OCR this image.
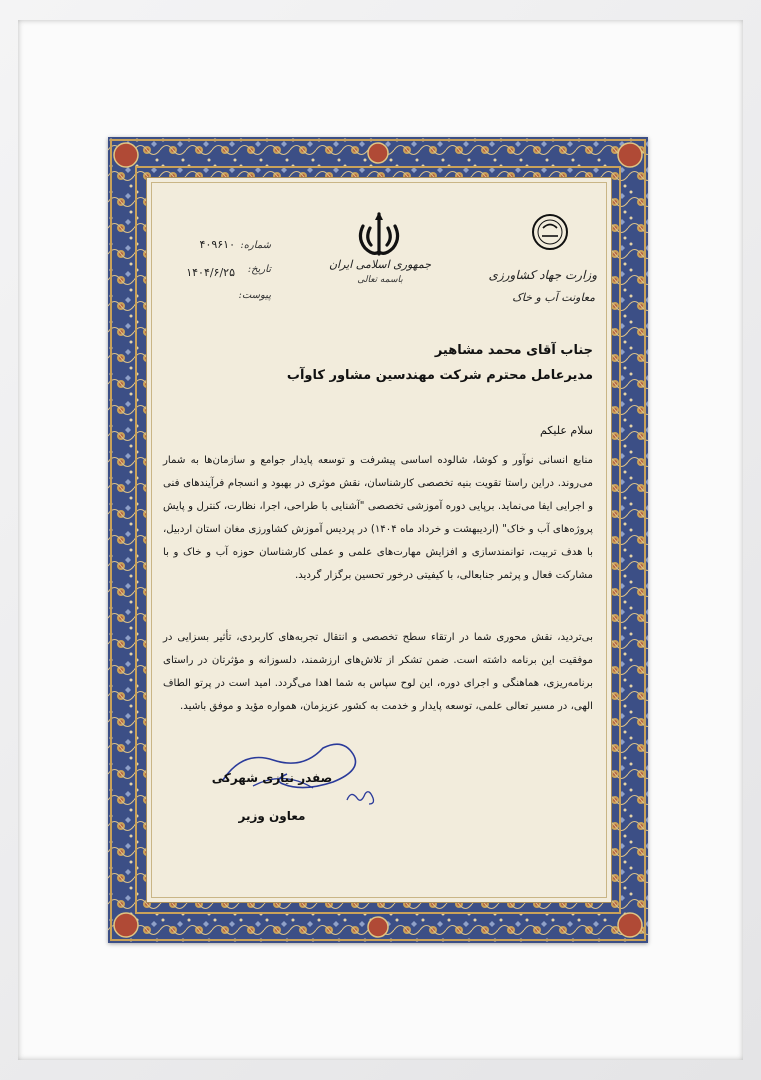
جمهوری اسلامی ایران
باسمه تعالی	وزارت جهاد کشاورزی
معاونت آب و خاک
شماره:
۴۰۹۶۱۰
تاریخ:
۱۴۰۴/۶/۲۵
پیوست:
جناب آقای محمد مشاهیر
مدیرعامل محترم شرکت مهندسین مشاور کاوآب
سلام علیکم

منابع انسانی نوآور و کوشا، شالوده اساسی پیشرفت و توسعه پایدار جوامع و سازمان‌ها به شمار می‌روند. دراین راستا تقویت بنیه تخصصی کارشناسان، نقش موثری در بهبود و انسجام فرآیندهای فنی و اجرایی ایفا می‌نماید. برپایی دوره آموزشی تخصصی "آشنایی با طراحی، اجرا، نظارت، کنترل و پایش پروژه‌های آب و خاک" (اردیبهشت و خرداد ماه ۱۴۰۴) در پردیس آموزش کشاورزی مغان استان اردبیل، با هدف تربیت، توانمندسازی و افزایش مهارت‌های علمی و عملی کارشناسان حوزه آب و خاک و با مشارکت فعال و پرثمر جنابعالی، با کیفیتی درخور تحسین برگزار گردید.

بی‌تردید، نقش محوری شما در ارتقاء سطح تخصصی و انتقال تجربه‌های کاربردی، تأثیر بسزایی در موفقیت این برنامه داشته است. ضمن تشکر از تلاش‌های ارزشمند، دلسوزانه و مؤثرتان در راستای برنامه‌ریزی، هماهنگی و اجرای دوره، این لوح سپاس به شما اهدا می‌گردد. امید است در پرتو الطاف الهی، در مسیر تعالی علمی، توسعه پایدار و خدمت به کشور عزیزمان، همواره مؤید و موفق باشید.

صفدر نیازی شهرکی
معاون وزیر
